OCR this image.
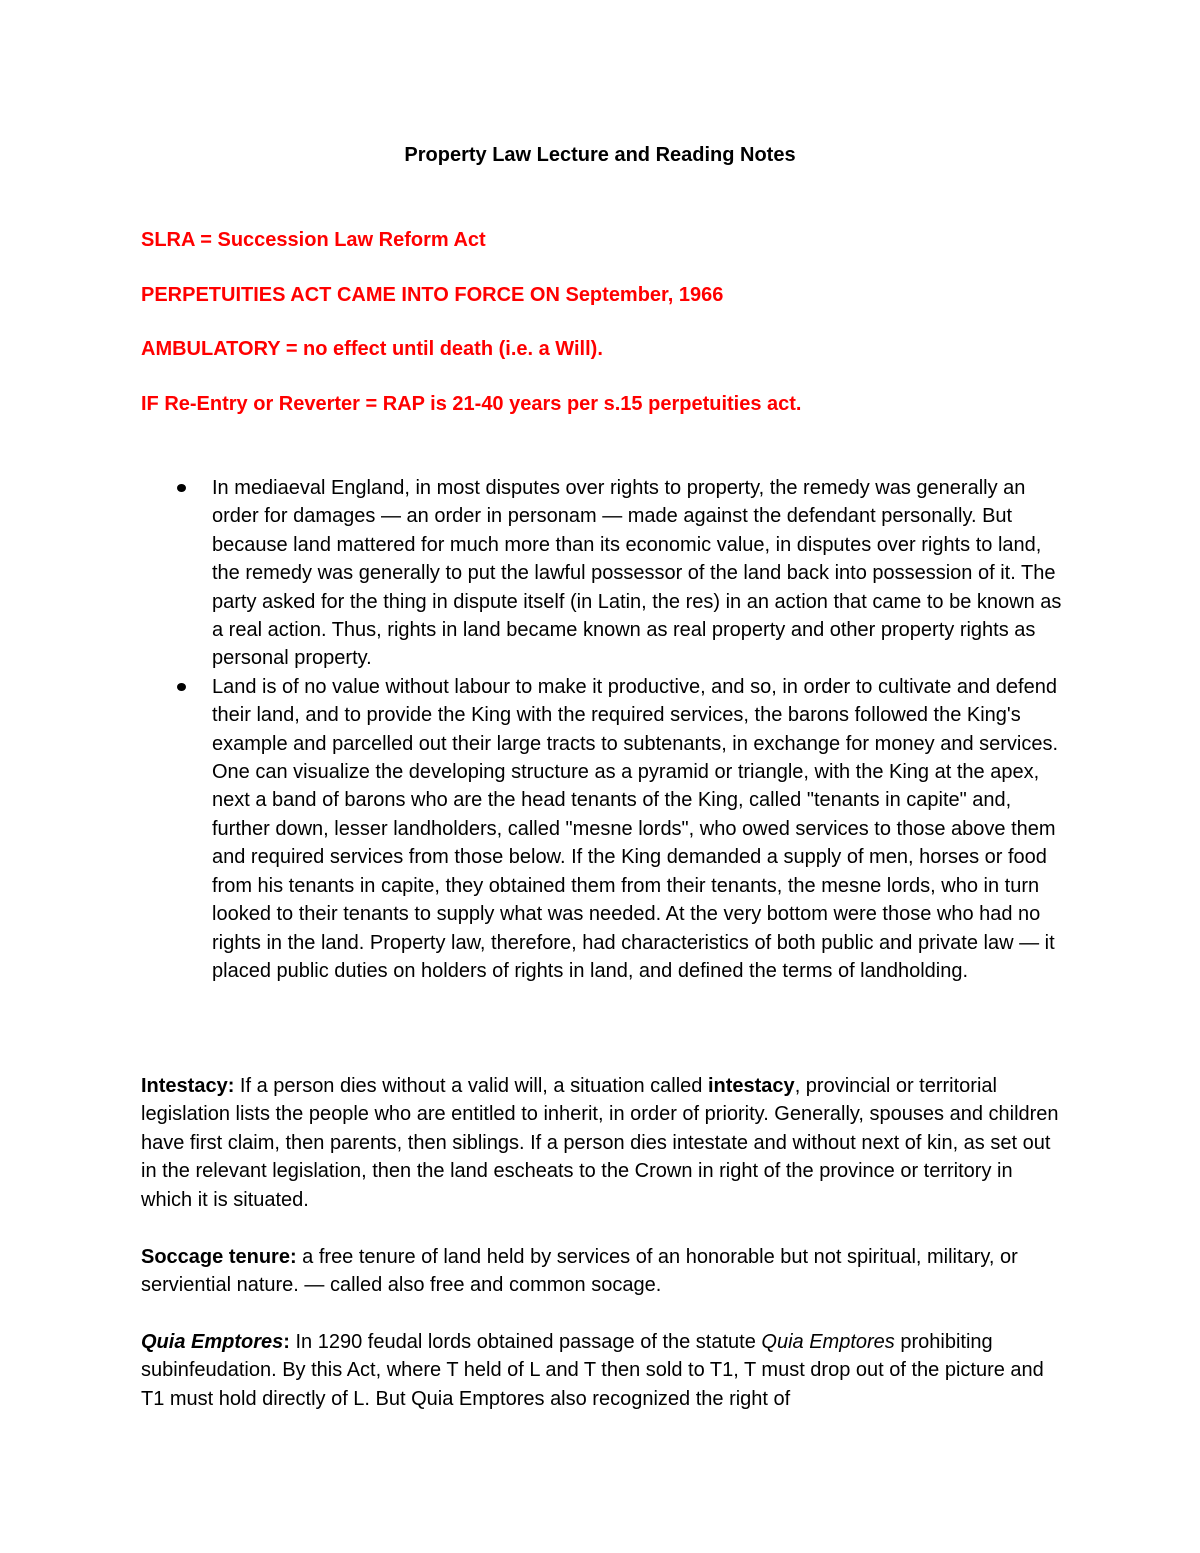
Property Law Lecture and Reading Notes
SLRA = Succession Law Reform Act
PERPETUITIES ACT CAME INTO FORCE ON September, 1966
AMBULATORY = no effect until death (i.e. a Will).
IF Re-Entry or Reverter = RAP is 21-40 years per s.15 perpetuities act.
In mediaeval England, in most disputes over rights to property, the remedy was generally an order for damages — an order in personam — made against the defendant personally. But because land mattered for much more than its economic value, in disputes over rights to land, the remedy was generally to put the lawful possessor of the land back into possession of it. The party asked for the thing in dispute itself (in Latin, the res) in an action that came to be known as a real action. Thus, rights in land became known as real property and other property rights as personal property.
Land is of no value without labour to make it productive, and so, in order to cultivate and defend their land, and to provide the King with the required services, the barons followed the King's example and parcelled out their large tracts to subtenants, in exchange for money and services. One can visualize the developing structure as a pyramid or triangle, with the King at the apex, next a band of barons who are the head tenants of the King, called "tenants in capite" and, further down, lesser landholders, called "mesne lords", who owed services to those above them and required services from those below. If the King demanded a supply of men, horses or food from his tenants in capite, they obtained them from their tenants, the mesne lords, who in turn looked to their tenants to supply what was needed. At the very bottom were those who had no rights in the land. Property law, therefore, had characteristics of both public and private law — it placed public duties on holders of rights in land, and defined the terms of landholding.

Intestacy: If a person dies without a valid will, a situation called intestacy, provincial or territorial legislation lists the people who are entitled to inherit, in order of priority. Generally, spouses and children have first claim, then parents, then siblings. If a person dies intestate and without next of kin, as set out in the relevant legislation, then the land escheats to the Crown in right of the province or territory in which it is situated.

Soccage tenure: a free tenure of land held by services of an honorable but not spiritual, military, or serviential nature. — called also free and common socage.

Quia Emptores: In 1290 feudal lords obtained passage of the statute Quia Emptores prohibiting subinfeudation. By this Act, where T held of L and T then sold to T1, T must drop out of the picture and T1 must hold directly of L. But Quia Emptores also recognized the right of
